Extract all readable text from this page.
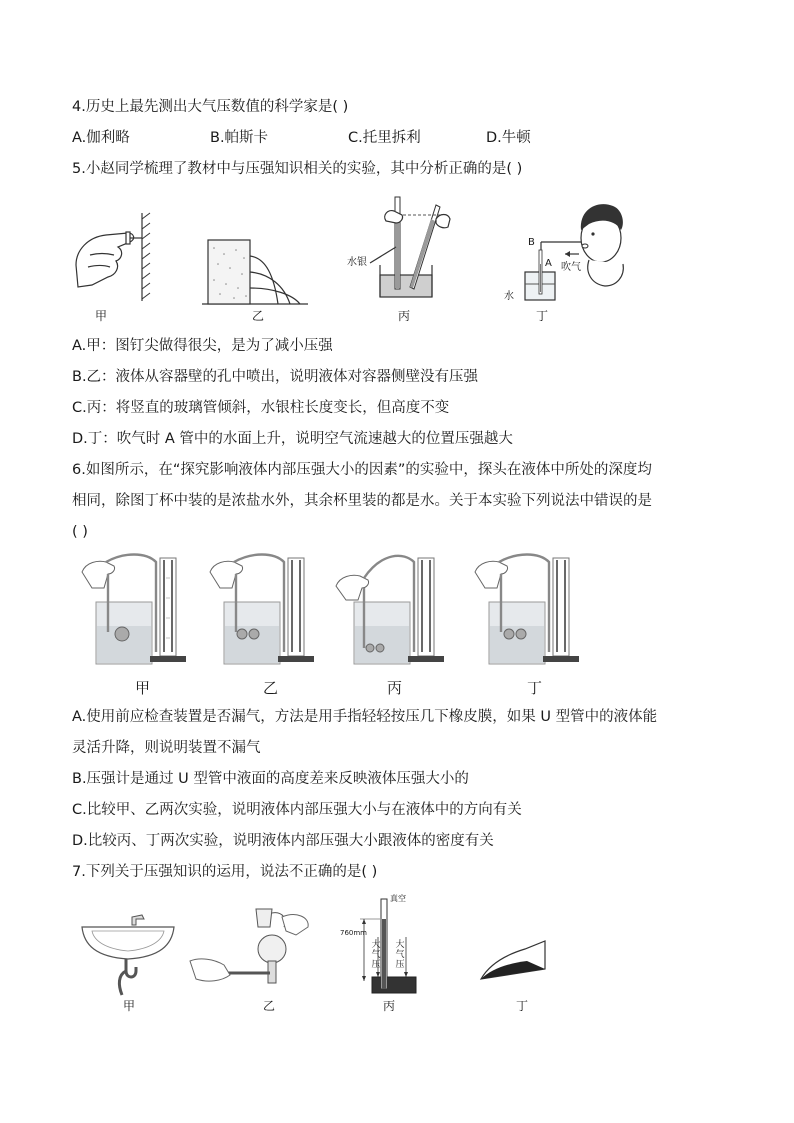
4.历史上最先测出大气压数值的科学家是( )
A.伽利略	B.帕斯卡	C.托里拆利	D.牛顿
5.小赵同学梳理了教材中与压强知识相关的实验，其中分析正确的是( )
甲	乙
水银
丙
B
A 吹气
水
丁
A.甲：图钉尖做得很尖，是为了减小压强
B.乙：液体从容器壁的孔中喷出，说明液体对容器侧壁没有压强
C.丙：将竖直的玻璃管倾斜，水银柱长度变长，但高度不变
D.丁：吹气时 A 管中的水面上升，说明空气流速越大的位置压强越大
6.如图所示，在“探究影响液体内部压强大小的因素”的实验中，探头在液体中所处的深度均
相同，除图丁杯中装的是浓盐水外，其余杯里装的都是水。关于本实验下列说法中错误的是
( )
甲	乙	丙	丁
A.使用前应检查装置是否漏气，方法是用手指轻轻按压几下橡皮膜，如果 U 型管中的液体能
灵活升降，则说明装置不漏气
B.压强计是通过 U 型管中液面的高度差来反映液体压强大小的
C.比较甲、乙两次实验，说明液体内部压强大小与在液体中的方向有关
D.比较丙、丁两次实验，说明液体内部压强大小跟液体的密度有关
7.下列关于压强知识的运用，说法不正确的是( )
甲	乙
真空
760mm
大气压
大气压
丙	丁
